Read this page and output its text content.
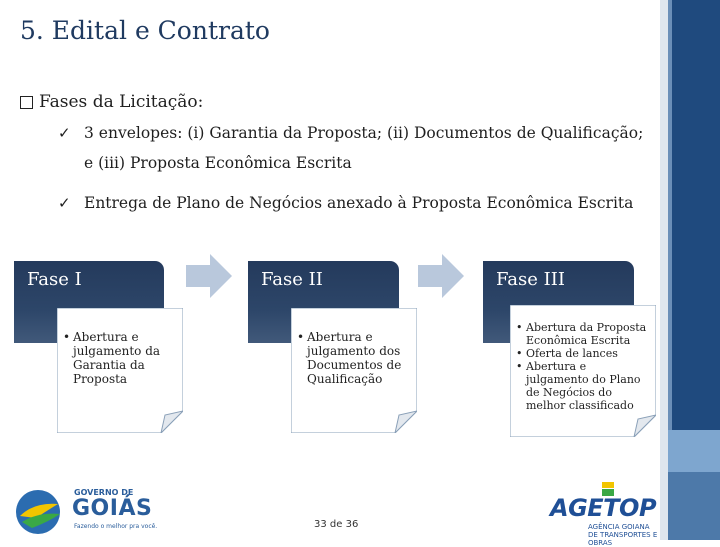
5. Edital e Contrato
Fases da Licitação:
✓ 3 envelopes: (i) Garantia da Proposta; (ii) Documentos de Qualificação; e (iii) Proposta Econômica Escrita
✓ Entrega de Plano de Negócios anexado à Proposta Econômica Escrita
Fase I	Fase II	Fase III
• Abertura e julgamento da Garantia da Proposta
• Abertura e julgamento dos Documentos de Qualificação
• Abertura da Proposta Econômica Escrita
• Oferta de lances
• Abertura e julgamento do Plano de Negócios do melhor classificado
33 de 36
GOVERNO DE
GOIÁS
Fazendo o melhor pra você.
AGETOP
AGÊNCIA GOIANA
DE TRANSPORTES E OBRAS
